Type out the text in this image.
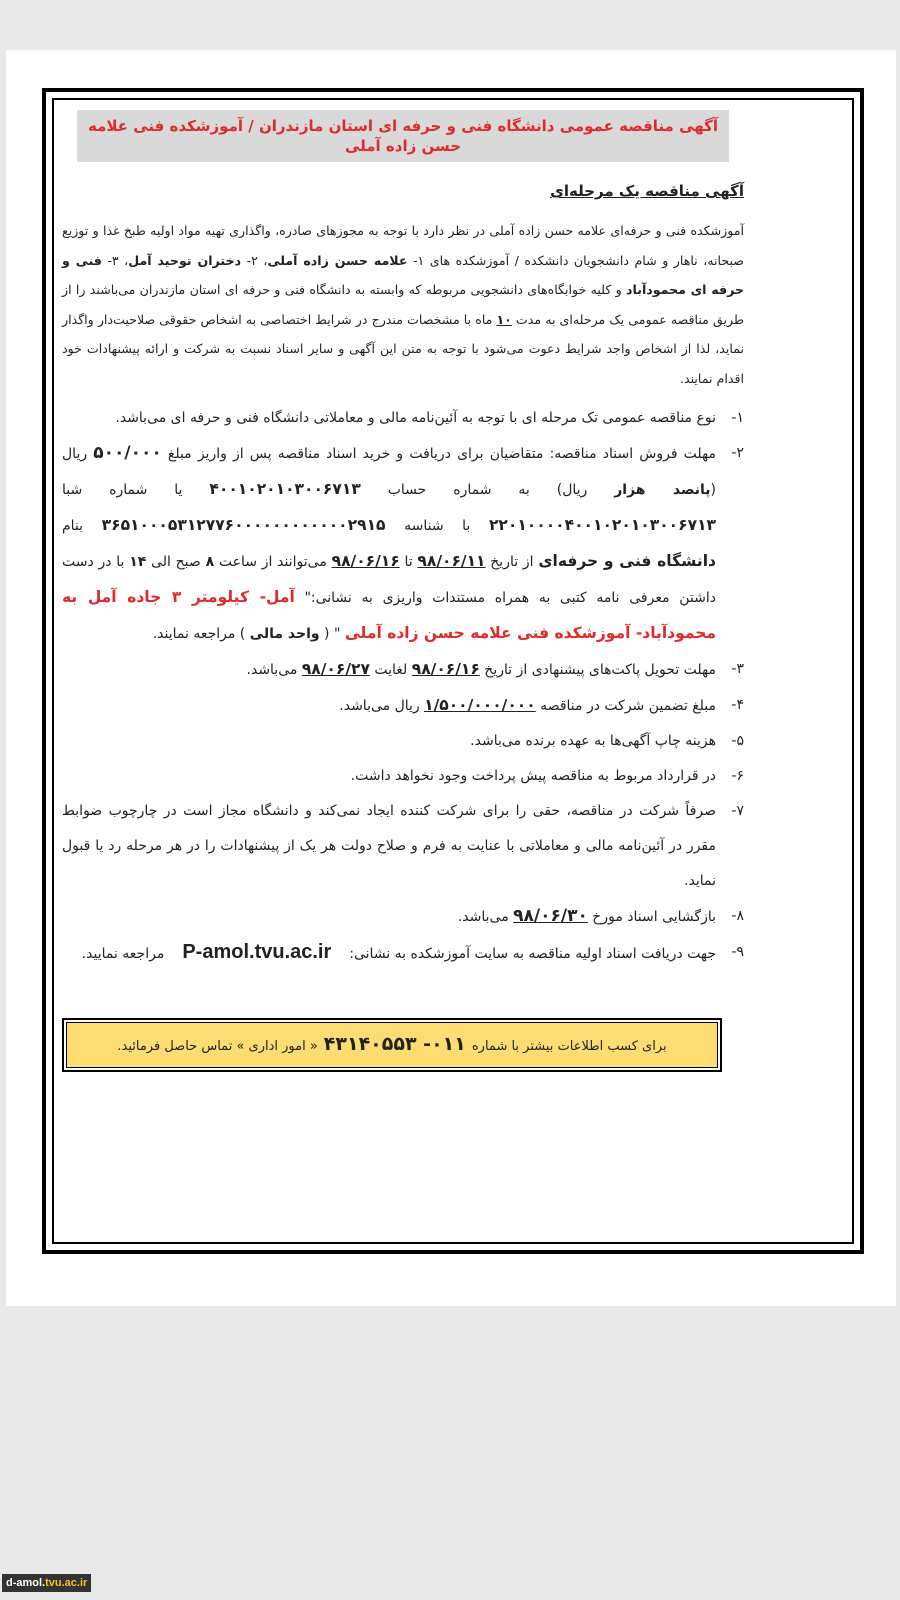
آگهی مناقصه عمومی دانشگاه فنی و حرفه ای استان مازندران / آموزشکده فنی علامه حسن زاده آملی
آگهی مناقصه یک مرحله‌ای
آموزشکده فنی و حرفه‌ای علامه حسن زاده آملی در نظر دارد با توجه به مجوزهای صادره، واگذاری تهیه مواد اولیه طبخ غذا و توزیع صبحانه، ناهار و شام دانشجویان دانشکده / آموزشکده های ۱- علامه حسن زاده آملی، ۲- دختران توحید آمل، ۳- فنی و حرفه ای محمودآباد و کلیه خوابگاه‌های دانشجویی مربوطه که وابسته به دانشگاه فنی و حرفه ای استان مازندران می‌باشند را از طریق مناقصه عمومی یک مرحله‌ای به مدت ۱۰ ماه با مشخصات مندرج در شرایط اختصاصی به اشخاص حقوقی صلاحیت‌دار واگذار نماید، لذا از اشخاص واجد شرایط دعوت می‌شود با توجه به متن این آگهی و سایر اسناد نسبت به شرکت و ارائه پیشنهادات خود اقدام نمایند.
۱-
نوع مناقصه عمومی تک مرحله ای با توجه به آئین‌نامه مالی و معاملاتی دانشگاه فنی و حرفه ای می‌باشد.
۲-
مهلت فروش اسناد مناقصه: متقاضیان برای دریافت و خرید اسناد مناقصه پس از واریز مبلغ ۵۰۰/۰۰۰ ریال (پانصد هزار ریال) به شماره حساب ۴۰۰۱۰۲۰۱۰۳۰۰۶۷۱۳ یا شماره شبا ۲۲۰۱۰۰۰۰۴۰۰۱۰۲۰۱۰۳۰۰۶۷۱۳ با شناسه ۳۶۵۱۰۰۰۵۳۱۲۷۷۶۰۰۰۰۰۰۰۰۰۰۰۰۲۹۱۵ بنام دانشگاه فنی و حرفه‌ای از تاریخ ۹۸/۰۶/۱۱ تا ۹۸/۰۶/۱۶ می‌توانند از ساعت ۸ صبح الی ۱۴ با در دست داشتن معرفی نامه کتبی به همراه مستندات واریزی به نشانی:" آمل- کیلومتر ۳ جاده آمل به محمودآباد- آموزشکده فنی علامه حسن زاده آملی " ( واحد مالی ) مراجعه نمایند.
۳-
مهلت تحویل پاکت‌های پیشنهادی از تاریخ ۹۸/۰۶/۱۶ لغایت ۹۸/۰۶/۲۷ می‌باشد.
۴-
مبلغ تضمین شرکت در مناقصه ۱/۵۰۰/۰۰۰/۰۰۰ ریال می‌باشد.
۵-
هزینه چاپ آگهی‌ها به عهده برنده می‌باشد.
۶-
در قرارداد مربوط به مناقصه پیش پرداخت وجود نخواهد داشت.
۷-
صرفاً شرکت در مناقصه، حقی را برای شرکت کننده ایجاد نمی‌کند و دانشگاه مجاز است در چارچوب ضوابط مقرر در آئین‌نامه مالی و معاملاتی با عنایت به فرم و صلاح دولت هر یک از پیشنهادات را در هر مرحله رد یا قبول نماید.
۸-
بازگشایی اسناد مورخ ۹۸/۰۶/۳۰ می‌باشد.
۹-
جهت دریافت اسناد اولیه مناقصه به سایت آموزشکده به نشانی:P-amol.tvu.ac.irمراجعه نمایید.
برای کسب اطلاعات بیشتر با شماره۰۱۱- ۴۳۱۴۰۵۵۳« امور اداری » تماس حاصل فرمائید.
d-amol.tvu.ac.ir
